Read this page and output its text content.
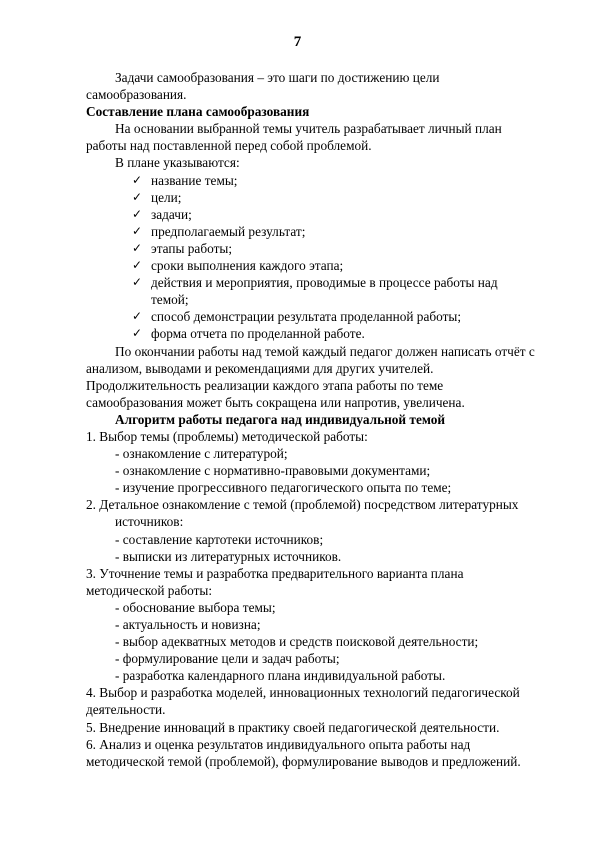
7

Задачи самообразования – это шаги по достижению цели
самообразования.

Составление плана самообразования

На основании выбранной темы учитель разрабатывает личный план
работы над поставленной перед собой проблемой.

В плане указываются:

✓ название темы;
✓ цели;
✓ задачи;
✓ предполагаемый результат;
✓ этапы работы;
✓ сроки выполнения каждого этапа;
✓ действия и мероприятия, проводимые в процессе работы над
темой;
✓ способ демонстрации результата проделанной работы;
✓ форма отчета по проделанной работе.

По окончании работы над темой каждый педагог должен написать отчёт с
анализом, выводами и рекомендациями для других учителей.
Продолжительность реализации каждого этапа работы по теме
самообразования может быть сокращена или напротив, увеличена.

Алгоритм работы педагога над индивидуальной темой

1. Выбор темы (проблемы) методической работы:

- ознакомление с литературой;

- ознакомление с нормативно-правовыми документами;

- изучение прогрессивного педагогического опыта по теме;

2. Детальное ознакомление с темой (проблемой) посредством литературных

источников:

- составление картотеки источников;

- выписки из литературных источников.

3. Уточнение темы и разработка предварительного варианта плана

методической работы:

- обоснование выбора темы;

- актуальность и новизна;

- выбор адекватных методов и средств поисковой деятельности;

- формулирование цели и задач работы;

- разработка календарного плана индивидуальной работы.

4. Выбор и разработка моделей, инновационных технологий педагогической

деятельности.

5. Внедрение инноваций в практику своей педагогической деятельности.

6. Анализ и оценка результатов индивидуального опыта работы над

методической темой (проблемой), формулирование выводов и предложений.
